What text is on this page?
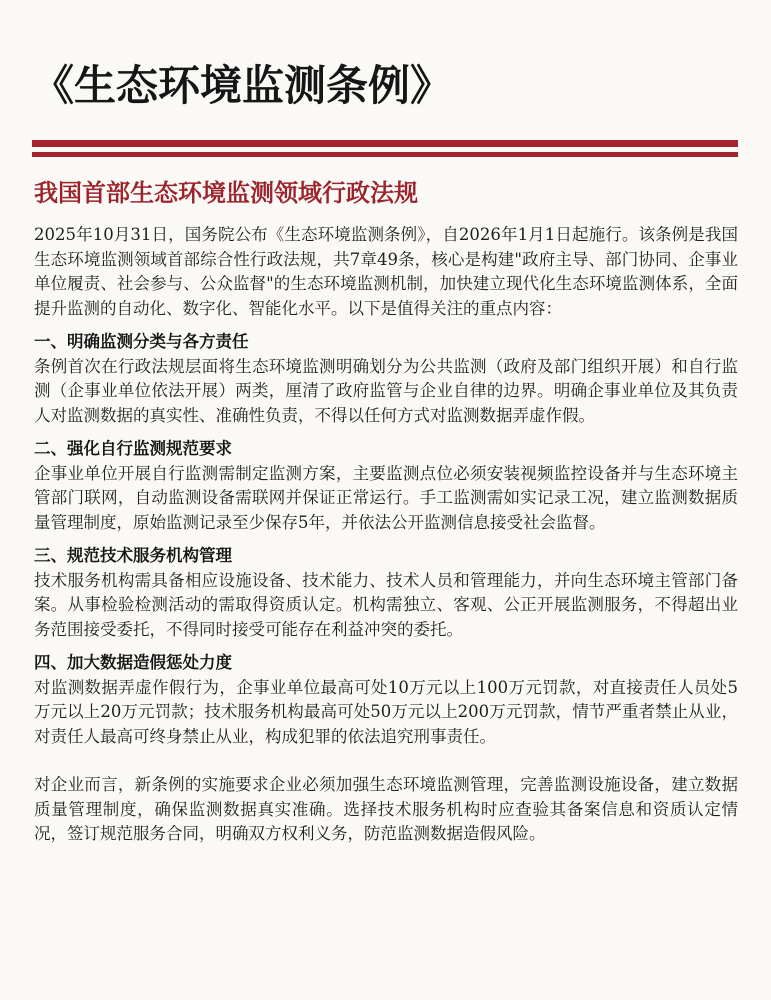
《生态环境监测条例》
我国首部生态环境监测领域行政法规

2025年10月31日，国务院公布《生态环境监测条例》，自2026年1月1日起施行。该条例是我国生态环境监测领域首部综合性行政法规，共7章49条，核心是构建"政府主导、部门协同、企事业单位履责、社会参与、公众监督"的生态环境监测机制，加快建立现代化生态环境监测体系，全面提升监测的自动化、数字化、智能化水平。以下是值得关注的重点内容：

一、明确监测分类与各方责任

条例首次在行政法规层面将生态环境监测明确划分为公共监测（政府及部门组织开展）和自行监测（企事业单位依法开展）两类，厘清了政府监管与企业自律的边界。明确企事业单位及其负责人对监测数据的真实性、准确性负责，不得以任何方式对监测数据弄虚作假。

二、强化自行监测规范要求

企事业单位开展自行监测需制定监测方案，主要监测点位必须安装视频监控设备并与生态环境主管部门联网，自动监测设备需联网并保证正常运行。手工监测需如实记录工况，建立监测数据质量管理制度，原始监测记录至少保存5年，并依法公开监测信息接受社会监督。

三、规范技术服务机构管理

技术服务机构需具备相应设施设备、技术能力、技术人员和管理能力，并向生态环境主管部门备案。从事检验检测活动的需取得资质认定。机构需独立、客观、公正开展监测服务，不得超出业务范围接受委托，不得同时接受可能存在利益冲突的委托。

四、加大数据造假惩处力度

对监测数据弄虚作假行为，企事业单位最高可处10万元以上100万元罚款，对直接责任人员处5万元以上20万元罚款；技术服务机构最高可处50万元以上200万元罚款，情节严重者禁止从业，对责任人最高可终身禁止从业，构成犯罪的依法追究刑事责任。

对企业而言，新条例的实施要求企业必须加强生态环境监测管理，完善监测设施设备，建立数据质量管理制度，确保监测数据真实准确。选择技术服务机构时应查验其备案信息和资质认定情况，签订规范服务合同，明确双方权利义务，防范监测数据造假风险。
